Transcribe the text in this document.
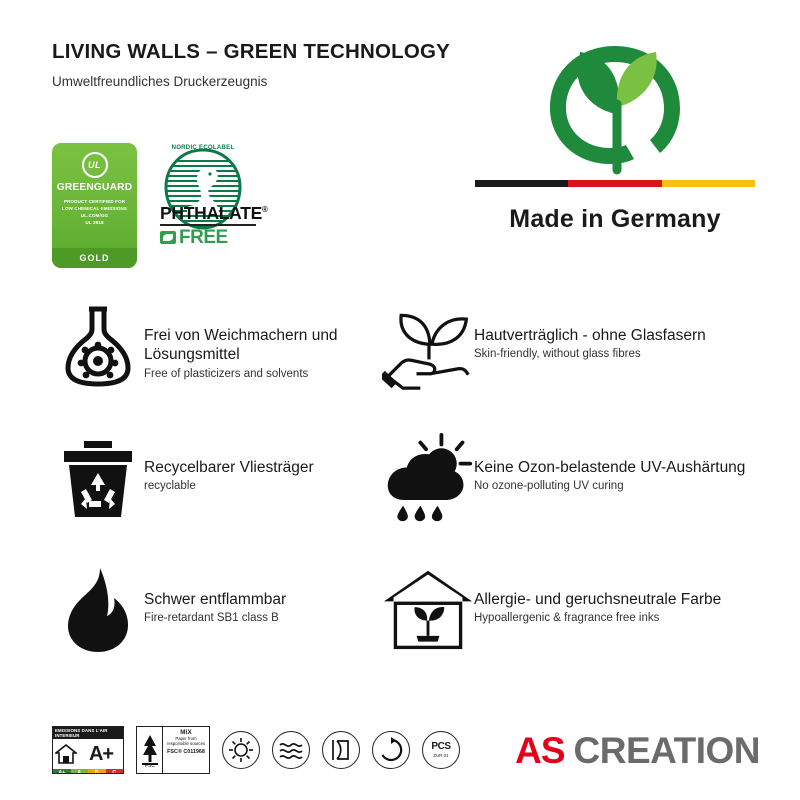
LIVING WALLS – GREEN TECHNOLOGY
Umweltfreundliches Druckerzeugnis
UL
GREENGUARD
PRODUCT CERTIFIED FOR
LOW CHEMICAL EMISSIONS
UL.COM/GG
UL 2818
GOLD
NORDIC ECOLABEL
PHTHALATE®
FREE
Made in Germany
Frei von Weichmachern und Lösungsmittel
Free of plasticizers and solvents
Hautverträglich - ohne Glasfasern
Skin-friendly, without glass fibres
Recycelbarer Vliesträger
recyclable
Keine Ozon-belastende UV-Aushärtung
No ozone-polluting UV curing
Schwer entflammbar
Fire-retardant SB1 class B
Allergie- und geruchsneutrale Farbe
Hypoallergenic & fragrance free inks
EMISSIONS DANS L'AIR INTERIEUR
A+
A+	A	B	C
FSC
MIX
Paper from
responsible sources
FSC® C011968	PCS
ZUR 01 AS CREATION
